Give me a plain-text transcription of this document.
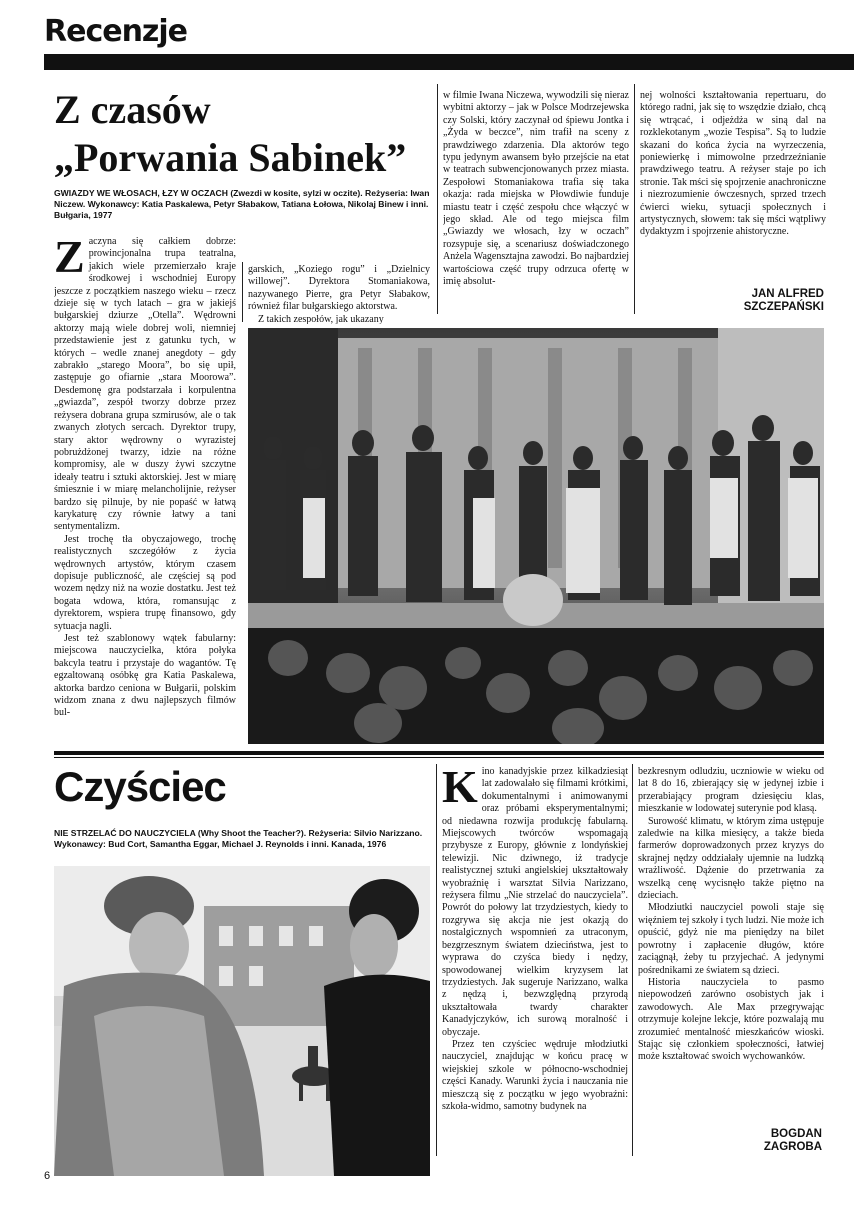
Recenzje
Z czasów
„Porwania Sabinek”
GWIAZDY WE WŁOSACH, ŁZY W OCZACH (Zwezdi w kosite, sylzi w oczite). Reżyseria: Iwan Niczew. Wykonawcy: Katia Paskalewa, Petyr Słabakow, Tatiana Łołowa, Nikolaj Binew i inni. Bułgaria, 1977
Z aczyna się całkiem dobrze: prowincjonalna trupa teatralna, jakich wiele przemierzało kraje środkowej i wschodniej Europy jeszcze z początkiem naszego wieku – rzecz dzieje się w tych latach – gra w jakiejś bułgarskiej dziurze „Otella”. Wędrowni aktorzy mają wiele dobrej woli, niemniej przedstawienie jest z gatunku tych, w których – wedle znanej anegdoty – gdy zabrakło „starego Moora”, bo się upił, zastępuje go ofiarnie „stara Moorowa”. Desdemonę gra podstarzała i korpulentna „gwiazda”, zespół tworzy dobrze przez reżysera dobrana grupa szmirusów, ale o tak zwanych złotych sercach. Dyrektor trupy, stary aktor wędrowny o wyrazistej pobrużdżonej twarzy, idzie na różne kompromisy, ale w duszy żywi szczytne ideały teatru i sztuki aktorskiej. Jest w miarę śmiesznie i w miarę melancholijnie, reżyser bardzo się pilnuje, by nie popaść w łatwą karykaturę czy równie łatwy a tani sentymentalizm.

Jest trochę tła obyczajowego, trochę realistycznych szczegółów z życia wędrownych artystów, którym czasem dopisuje publiczność, ale częściej są pod wozem nędzy niż na wozie dostatku. Jest też bogata wdowa, która, romansując z dyrektorem, wspiera trupę finansowo, gdy sytuacja nagli.

Jest też szablonowy wątek fabularny: miejscowa nauczycielka, która połyka bakcyla teatru i przystaje do wagantów. Tę egzaltowaną osóbkę gra Katia Paskalewa, aktorka bardzo ceniona w Bułgarii, polskim widzom znana z dwu najlepszych filmów bul-

garskich, „Koziego rogu” i „Dzielnicy willowej”. Dyrektora Stomaniakowa, nazywanego Pierre, gra Petyr Słabakow, również filar bułgarskiego aktorstwa.

Z takich zespołów, jak ukazany

w filmie Iwana Niczewa, wywodzili się nieraz wybitni aktorzy – jak w Polsce Modrzejewska czy Solski, który zaczynał od śpiewu Jontka i „Żyda w beczce”, nim trafił na sceny z prawdziwego zdarzenia. Dla aktorów tego typu jedynym awansem było przejście na etat w teatrach subwencjonowanych przez miasta. Zespołowi Stomaniakowa trafia się taka okazja: rada miejska w Płowdiwie funduje miastu teatr i część zespołu chce włączyć w jego skład. Ale od tego miejsca film „Gwiazdy we włosach, łzy w oczach” rozsypuje się, a scenariusz doświadczonego Anżela Wagensztajna zawodzi. Bo najbardziej wartościowa część trupy odrzuca ofertę w imię absolut-

nej wolności kształtowania repertuaru, do którego radni, jak się to wszędzie działo, chcą się wtrącać, i odjeżdża w siną dal na rozklekotanym „wozie Tespisa”. Są to ludzie skazani do końca życia na wyrzeczenia, poniewierkę i mimowolne przedrzeźnianie prawdziwego teatru. A reżyser staje po ich stronie. Tak mści się spojrzenie anachroniczne i niezrozumienie ówczesnych, sprzed trzech ćwierci wieku, sytuacji społecznych i artystycznych, słowem: tak się mści wątpliwy dydaktyzm i spojrzenie ahistoryczne.

JAN ALFRED
SZCZEPAŃSKI
Czyściec
NIE STRZELAĆ DO NAUCZYCIELA (Why Shoot the Teacher?). Reżyseria: Silvio Narizzano. Wykonawcy: Bud Cort, Samantha Eggar, Michael J. Reynolds i inni. Kanada, 1976
K ino kanadyjskie przez kilkadziesiąt lat zadowalało się filmami krótkimi, dokumentalnymi i animowanymi oraz próbami eksperymentalnymi; od niedawna rozwija produkcję fabularną. Miejscowych twórców wspomagają przybysze z Europy, głównie z londyńskiej telewizji. Nic dziwnego, iż tradycje realistycznej sztuki angielskiej ukształtowały wyobraźnię i warsztat Silvia Narizzano, reżysera filmu „Nie strzelać do nauczyciela”. Powrót do połowy lat trzydziestych, kiedy to rozgrywa się akcja nie jest okazją do nostalgicznych wspomnień za utraconym, bezgrzesznym światem dzieciństwa, jest to wyprawa do czyśca biedy i nędzy, spowodowanej wielkim kryzysem lat trzydziestych. Jak sugeruje Narizzano, walka z nędzą i, bezwzględną przyrodą ukształtowała twardy charakter Kanadyjczyków, ich surową moralność i obyczaje.

Przez ten czyściec wędruje młodziutki nauczyciel, znajdując w końcu pracę w wiejskiej szkole w północno-wschodniej części Kanady. Warunki życia i nauczania nie mieszczą się z początku w jego wyobraźni: szkoła-widmo, samotny budynek na

bezkresnym odludziu, uczniowie w wieku od lat 8 do 16, zbierający się w jedynej izbie i przerabiający program dziesięciu klas, mieszkanie w lodowatej suterynie pod klasą.

Surowość klimatu, w którym zima ustępuje zaledwie na kilka miesięcy, a także bieda farmerów doprowadzonych przez kryzys do skrajnej nędzy oddziałały ujemnie na ludzką wrażliwość. Dążenie do przetrwania za wszelką cenę wycisnęło także piętno na dzieciach.

Młodziutki nauczyciel powoli staje się więźniem tej szkoły i tych ludzi. Nie może ich opuścić, gdyż nie ma pieniędzy na bilet powrotny i zapłacenie długów, które zaciągnął, żeby tu przyjechać. A jedynymi pośrednikami ze światem są dzieci.

Historia nauczyciela to pasmo niepowodzeń zarówno osobistych jak i zawodowych. Ale Max przegrywając otrzymuje kolejne lekcje, które pozwalają mu zrozumieć mentalność mieszkańców wioski. Stając się członkiem społeczności, łatwiej może kształtować swoich wychowanków.

BOGDAN
ZAGROBA
6
